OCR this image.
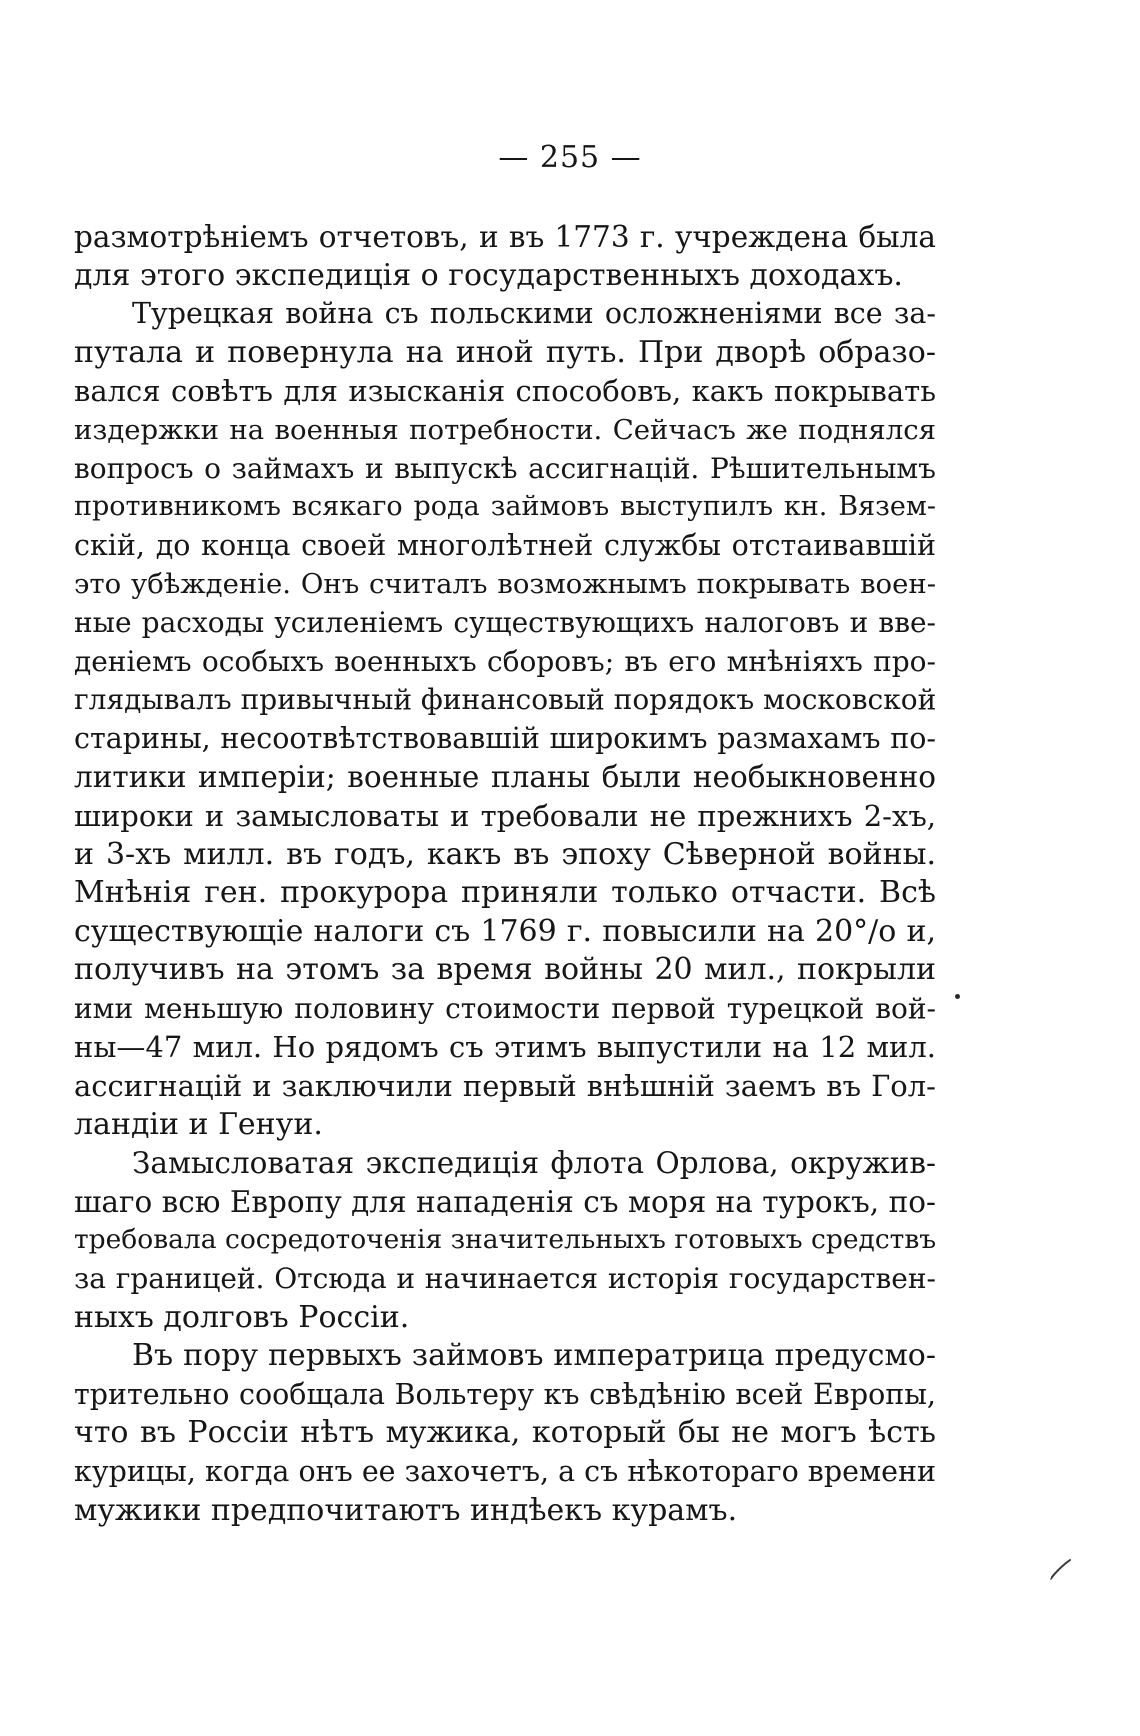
— 255 —
размотрѣніемъ отчетовъ, и въ 1773 г. учреждена была
для этого экспедиція о государственныхъ доходахъ.
Турецкая война съ польскими осложненіями все за-
путала и повернула на иной путь. При дворѣ образо-
вался совѣтъ для изысканія способовъ, какъ покрывать
издержки на военныя потребности. Сейчасъ же поднялся
вопросъ о займахъ и выпускѣ ассигнацій. Рѣшительнымъ
противникомъ всякаго рода займовъ выступилъ кн. Вязем-
скій, до конца своей многолѣтней службы отстаивавшій
это убѣжденіе. Онъ считалъ возможнымъ покрывать воен-
ные расходы усиленіемъ существующихъ налоговъ и вве-
деніемъ особыхъ военныхъ сборовъ; въ его мнѣніяхъ про-
глядывалъ привычный финансовый порядокъ московской
старины, несоотвѣтствовавшій широкимъ размахамъ по-
литики имперіи; военные планы были необыкновенно
широки и замысловаты и требовали не прежнихъ 2-хъ,
и 3-хъ милл. въ годъ, какъ въ эпоху Сѣверной войны.
Мнѣнія ген. прокурора приняли только отчасти. Всѣ
существующіе налоги съ 1769 г. повысили на 20°/о и,
получивъ на этомъ за время войны 20 мил., покрыли
ими меньшую половину стоимости первой турецкой вой-
ны—47 мил. Но рядомъ съ этимъ выпустили на 12 мил.
ассигнацій и заключили первый внѣшній заемъ въ Гол-
ландіи и Генуи.
Замысловатая экспедиція флота Орлова, окружив-
шаго всю Европу для нападенія съ моря на турокъ, по-
требовала сосредоточенія значительныхъ готовыхъ средствъ
за границей. Отсюда и начинается исторія государствен-
ныхъ долговъ Россіи.
Въ пору первыхъ займовъ императрица предусмо-
трительно сообщала Вольтеру къ свѣдѣнію всей Европы,
что въ Россіи нѣтъ мужика, который бы не могъ ѣсть
курицы, когда онъ ее захочетъ, а съ нѣкотораго времени
мужики предпочитаютъ индѣекъ курамъ.
